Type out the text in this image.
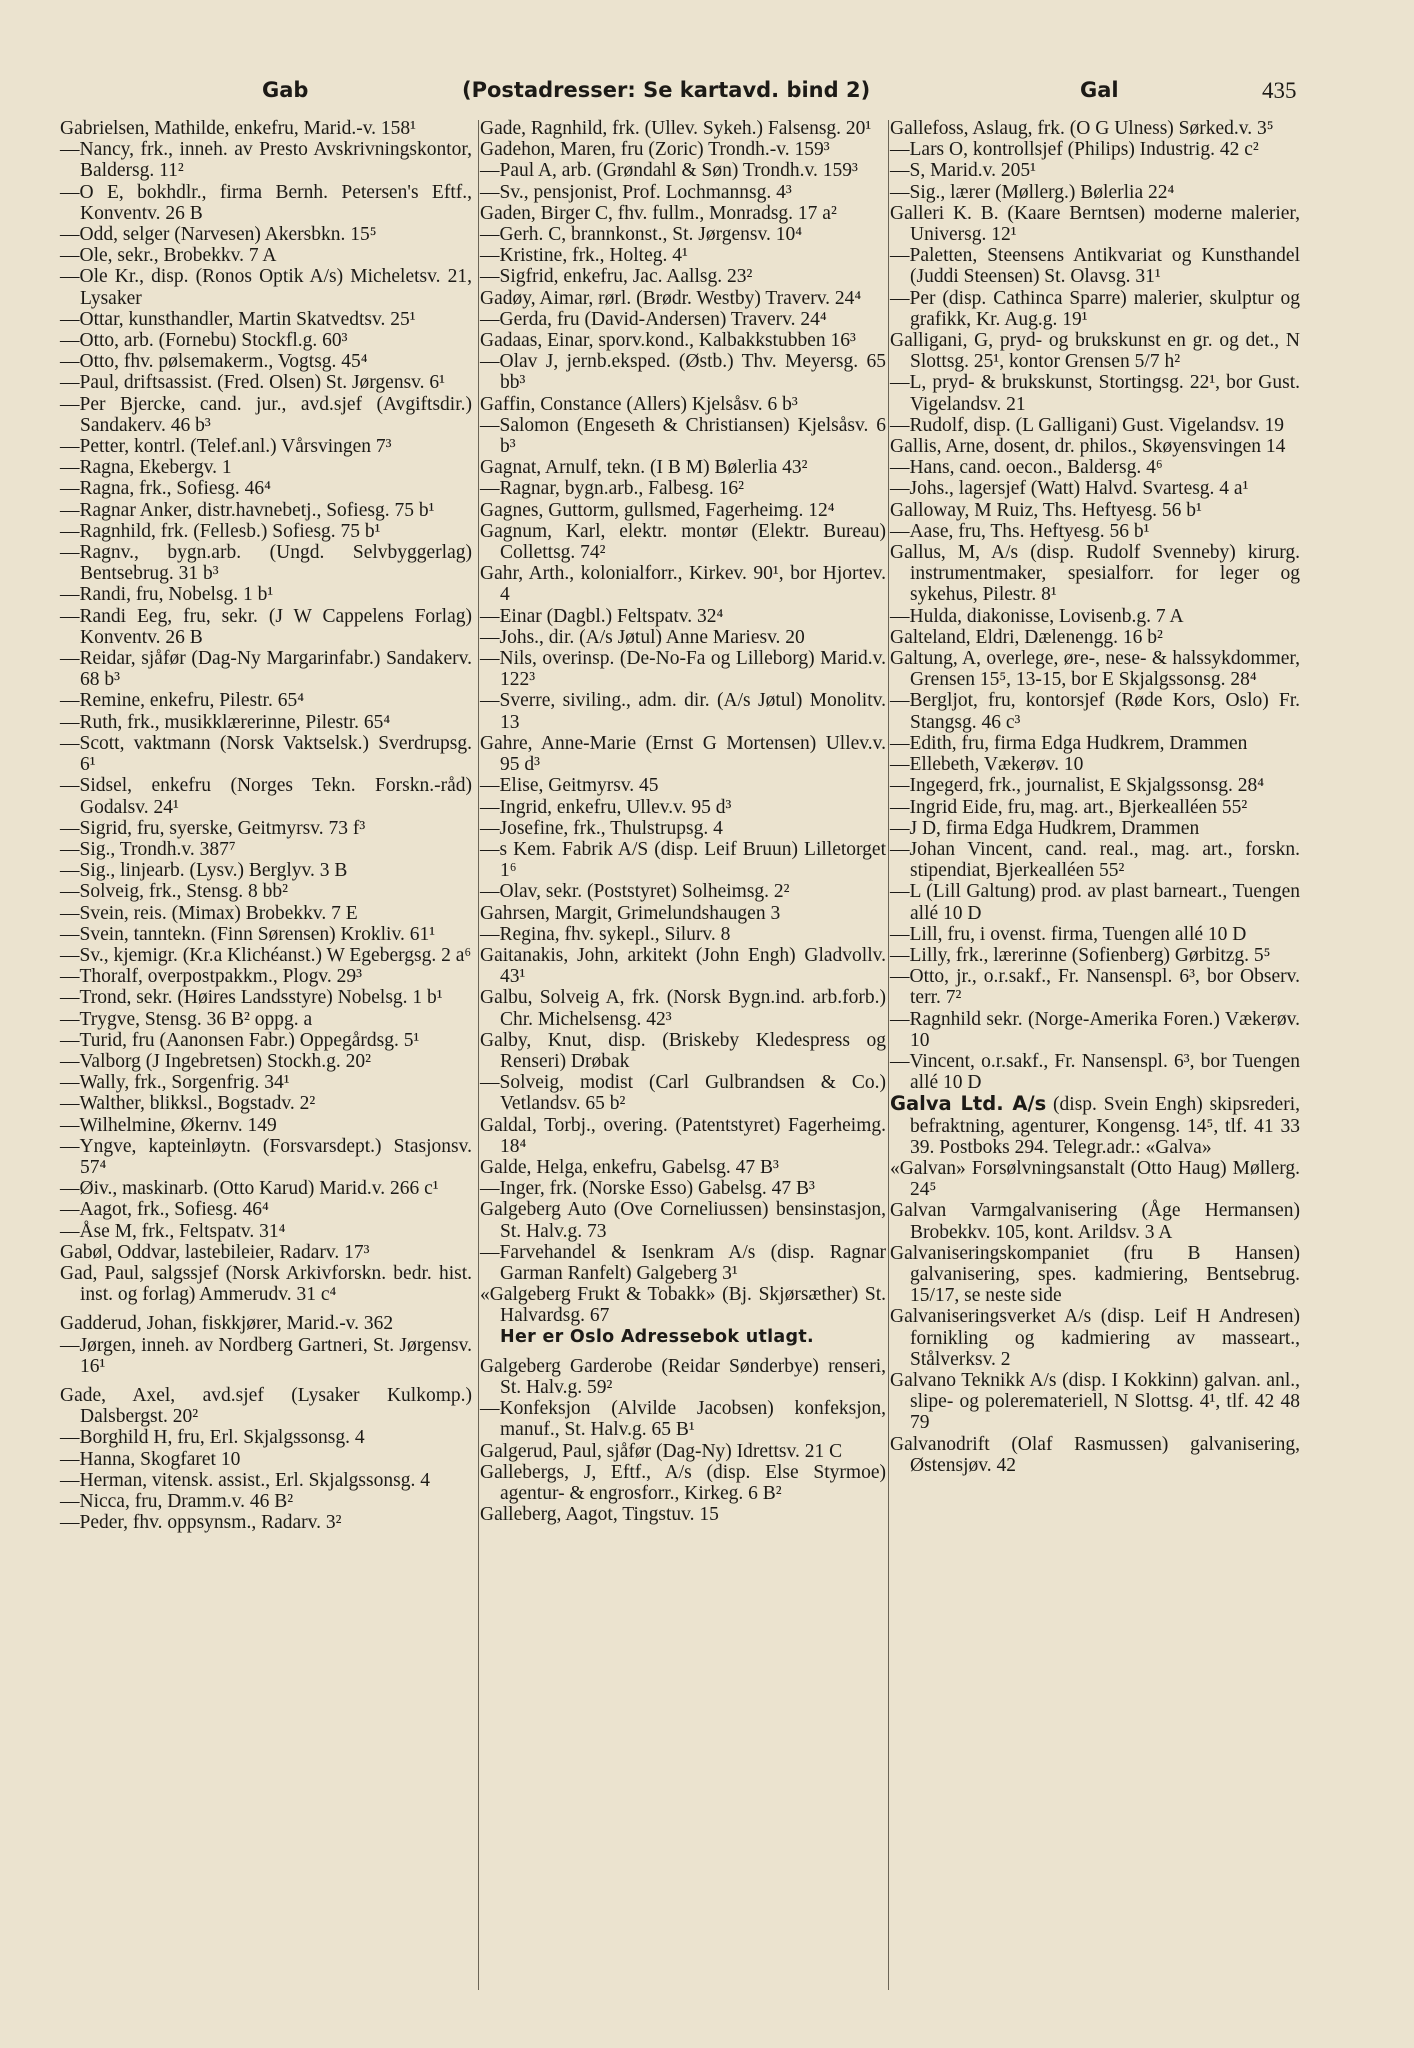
Gab	(Postadresser: Se kartavd. bind 2)	Gal	435
Gabrielsen, Mathilde, enkefru, Marid.-v. 158¹
—Nancy, frk., inneh. av Presto Avskrivningskontor, Baldersg. 11²
—O E, bokhdlr., firma Bernh. Petersen's Eftf., Konventv. 26 B
—Odd, selger (Narvesen) Akersbkn. 15⁵
—Ole, sekr., Brobekkv. 7 A
—Ole Kr., disp. (Ronos Optik A/s) Micheletsv. 21, Lysaker
—Ottar, kunsthandler, Martin Skatvedtsv. 25¹
—Otto, arb. (Fornebu) Stockfl.g. 60³
—Otto, fhv. pølsemakerm., Vogtsg. 45⁴
—Paul, driftsassist. (Fred. Olsen) St. Jørgensv. 6¹
—Per Bjercke, cand. jur., avd.sjef (Avgiftsdir.) Sandakerv. 46 b³
—Petter, kontrl. (Telef.anl.) Vårsvingen 7³
—Ragna, Ekebergv. 1
—Ragna, frk., Sofiesg. 46⁴
—Ragnar Anker, distr.havnebetj., Sofiesg. 75 b¹
—Ragnhild, frk. (Fellesb.) Sofiesg. 75 b¹
—Ragnv., bygn.arb. (Ungd. Selvbyggerlag) Bentsebrug. 31 b³
—Randi, fru, Nobelsg. 1 b¹
—Randi Eeg, fru, sekr. (J W Cappelens Forlag) Konventv. 26 B
—Reidar, sjåfør (Dag-Ny Margarinfabr.) Sandakerv. 68 b³
—Remine, enkefru, Pilestr. 65⁴
—Ruth, frk., musikklærerinne, Pilestr. 65⁴
—Scott, vaktmann (Norsk Vaktselsk.) Sverdrupsg. 6¹
—Sidsel, enkefru (Norges Tekn. Forskn.-råd) Godalsv. 24¹
—Sigrid, fru, syerske, Geitmyrsv. 73 f³
—Sig., Trondh.v. 387⁷
—Sig., linjearb. (Lysv.) Berglyv. 3 B
—Solveig, frk., Stensg. 8 bb²
—Svein, reis. (Mimax) Brobekkv. 7 E
—Svein, tanntekn. (Finn Sørensen) Krokliv. 61¹
—Sv., kjemigr. (Kr.a Klichéanst.) W Egebergsg. 2 a⁶
—Thoralf, overpostpakkm., Plogv. 29³
—Trond, sekr. (Høires Landsstyre) Nobelsg. 1 b¹
—Trygve, Stensg. 36 B² oppg. a
—Turid, fru (Aanonsen Fabr.) Oppegårdsg. 5¹
—Valborg (J Ingebretsen) Stockh.g. 20²
—Wally, frk., Sorgenfrig. 34¹
—Walther, blikksl., Bogstadv. 2²
—Wilhelmine, Økernv. 149
—Yngve, kapteinløytn. (Forsvarsdept.) Stasjonsv. 57⁴
—Øiv., maskinarb. (Otto Karud) Marid.v. 266 c¹
—Aagot, frk., Sofiesg. 46⁴
—Åse M, frk., Feltspatv. 31⁴
Gabøl, Oddvar, lastebileier, Radarv. 17³
Gad, Paul, salgssjef (Norsk Arkivforskn. bedr. hist. inst. og forlag) Ammerudv. 31 c⁴
Gadderud, Johan, fiskkjører, Marid.-v. 362
—Jørgen, inneh. av Nordberg Gartneri, St. Jørgensv. 16¹
Gade, Axel, avd.sjef (Lysaker Kulkomp.) Dalsbergst. 20²
—Borghild H, fru, Erl. Skjalgssonsg. 4
—Hanna, Skogfaret 10
—Herman, vitensk. assist., Erl. Skjalgssonsg. 4
—Nicca, fru, Dramm.v. 46 B²
—Peder, fhv. oppsynsm., Radarv. 3²
Gade, Ragnhild, frk. (Ullev. Sykeh.) Falsensg. 20¹
Gadehon, Maren, fru (Zoric) Trondh.-v. 159³
—Paul A, arb. (Grøndahl & Søn) Trondh.v. 159³
—Sv., pensjonist, Prof. Lochmannsg. 4³
Gaden, Birger C, fhv. fullm., Monradsg. 17 a²
—Gerh. C, brannkonst., St. Jørgensv. 10⁴
—Kristine, frk., Holteg. 4¹
—Sigfrid, enkefru, Jac. Aallsg. 23²
Gadøy, Aimar, rørl. (Brødr. Westby) Traverv. 24⁴
—Gerda, fru (David-Andersen) Traverv. 24⁴
Gadaas, Einar, sporv.kond., Kalbakkstubben 16³
—Olav J, jernb.eksped. (Østb.) Thv. Meyersg. 65 bb³
Gaffin, Constance (Allers) Kjelsåsv. 6 b³
—Salomon (Engeseth & Christiansen) Kjelsåsv. 6 b³
Gagnat, Arnulf, tekn. (I B M) Bølerlia 43²
—Ragnar, bygn.arb., Falbesg. 16²
Gagnes, Guttorm, gullsmed, Fagerheimg. 12⁴
Gagnum, Karl, elektr. montør (Elektr. Bureau) Collettsg. 74²
Gahr, Arth., kolonialforr., Kirkev. 90¹, bor Hjortev. 4
—Einar (Dagbl.) Feltspatv. 32⁴
—Johs., dir. (A/s Jøtul) Anne Mariesv. 20
—Nils, overinsp. (De-No-Fa og Lilleborg) Marid.v. 122³
—Sverre, siviling., adm. dir. (A/s Jøtul) Monolitv. 13
Gahre, Anne-Marie (Ernst G Mortensen) Ullev.v. 95 d³
—Elise, Geitmyrsv. 45
—Ingrid, enkefru, Ullev.v. 95 d³
—Josefine, frk., Thulstrupsg. 4
—s Kem. Fabrik A/S (disp. Leif Bruun) Lilletorget 1⁶
—Olav, sekr. (Poststyret) Solheimsg. 2²
Gahrsen, Margit, Grimelundshaugen 3
—Regina, fhv. sykepl., Silurv. 8
Gaitanakis, John, arkitekt (John Engh) Gladvollv. 43¹
Galbu, Solveig A, frk. (Norsk Bygn.ind. arb.forb.) Chr. Michelsensg. 42³
Galby, Knut, disp. (Briskeby Kledespress og Renseri) Drøbak
—Solveig, modist (Carl Gulbrandsen & Co.) Vetlandsv. 65 b²
Galdal, Torbj., overing. (Patentstyret) Fagerheimg. 18⁴
Galde, Helga, enkefru, Gabelsg. 47 B³
—Inger, frk. (Norske Esso) Gabelsg. 47 B³
Galgeberg Auto (Ove Corneliussen) bensinstasjon, St. Halv.g. 73
—Farvehandel & Isenkram A/s (disp. Ragnar Garman Ranfelt) Galgeberg 3¹
«Galgeberg Frukt & Tobakk» (Bj. Skjørsæther) St. Halvardsg. 67
Her er Oslo Adressebok utlagt.
Galgeberg Garderobe (Reidar Sønderbye) renseri, St. Halv.g. 59²
—Konfeksjon (Alvilde Jacobsen) konfeksjon, manuf., St. Halv.g. 65 B¹
Galgerud, Paul, sjåfør (Dag-Ny) Idrettsv. 21 C
Gallebergs, J, Eftf., A/s (disp. Else Styrmoe) agentur- & engrosforr., Kirkeg. 6 B²
Galleberg, Aagot, Tingstuv. 15
Gallefoss, Aslaug, frk. (O G Ulness) Sørked.v. 3⁵
—Lars O, kontrollsjef (Philips) Industrig. 42 c²
—S, Marid.v. 205¹
—Sig., lærer (Møllerg.) Bølerlia 22⁴
Galleri K. B. (Kaare Berntsen) moderne malerier, Universg. 12¹
—Paletten, Steensens Antikvariat og Kunsthandel (Juddi Steensen) St. Olavsg. 31¹
—Per (disp. Cathinca Sparre) malerier, skulptur og grafikk, Kr. Aug.g. 19¹
Galligani, G, pryd- og brukskunst en gr. og det., N Slottsg. 25¹, kontor Grensen 5/7 h²
—L, pryd- & brukskunst, Stortingsg. 22¹, bor Gust. Vigelandsv. 21
—Rudolf, disp. (L Galligani) Gust. Vigelandsv. 19
Gallis, Arne, dosent, dr. philos., Skøyensvingen 14
—Hans, cand. oecon., Baldersg. 4⁶
—Johs., lagersjef (Watt) Halvd. Svartesg. 4 a¹
Galloway, M Ruiz, Ths. Heftyesg. 56 b¹
—Aase, fru, Ths. Heftyesg. 56 b¹
Gallus, M, A/s (disp. Rudolf Svenneby) kirurg. instrumentmaker, spesialforr. for leger og sykehus, Pilestr. 8¹
—Hulda, diakonisse, Lovisenb.g. 7 A
Galteland, Eldri, Dælenengg. 16 b²
Galtung, A, overlege, øre-, nese- & halssykdommer, Grensen 15⁵, 13-15, bor E Skjalgssonsg. 28⁴
—Bergljot, fru, kontorsjef (Røde Kors, Oslo) Fr. Stangsg. 46 c³
—Edith, fru, firma Edga Hudkrem, Drammen
—Ellebeth, Vækerøv. 10
—Ingegerd, frk., journalist, E Skjalgssonsg. 28⁴
—Ingrid Eide, fru, mag. art., Bjerkealléen 55²
—J D, firma Edga Hudkrem, Drammen
—Johan Vincent, cand. real., mag. art., forskn. stipendiat, Bjerkealléen 55²
—L (Lill Galtung) prod. av plast barneart., Tuengen allé 10 D
—Lill, fru, i ovenst. firma, Tuengen allé 10 D
—Lilly, frk., lærerinne (Sofienberg) Gørbitzg. 5⁵
—Otto, jr., o.r.sakf., Fr. Nansenspl. 6³, bor Observ. terr. 7²
—Ragnhild sekr. (Norge-Amerika Foren.) Vækerøv. 10
—Vincent, o.r.sakf., Fr. Nansenspl. 6³, bor Tuengen allé 10 D
Galva Ltd. A/s (disp. Svein Engh) skipsrederi, befraktning, agenturer, Kongensg. 14⁵, tlf. 41 33 39. Postboks 294. Telegr.adr.: «Galva»
«Galvan» Forsølvningsanstalt (Otto Haug) Møllerg. 24⁵
Galvan Varmgalvanisering (Åge Hermansen) Brobekkv. 105, kont. Arildsv. 3 A
Galvaniseringskompaniet (fru B Hansen) galvanisering, spes. kadmiering, Bentsebrug. 15/17, se neste side
Galvaniseringsverket A/s (disp. Leif H Andresen) fornikling og kadmiering av masseart., Stålverksv. 2
Galvano Teknikk A/s (disp. I Kokkinn) galvan. anl., slipe- og poleremateriell, N Slottsg. 4¹, tlf. 42 48 79
Galvanodrift (Olaf Rasmussen) galvanisering, Østensjøv. 42
